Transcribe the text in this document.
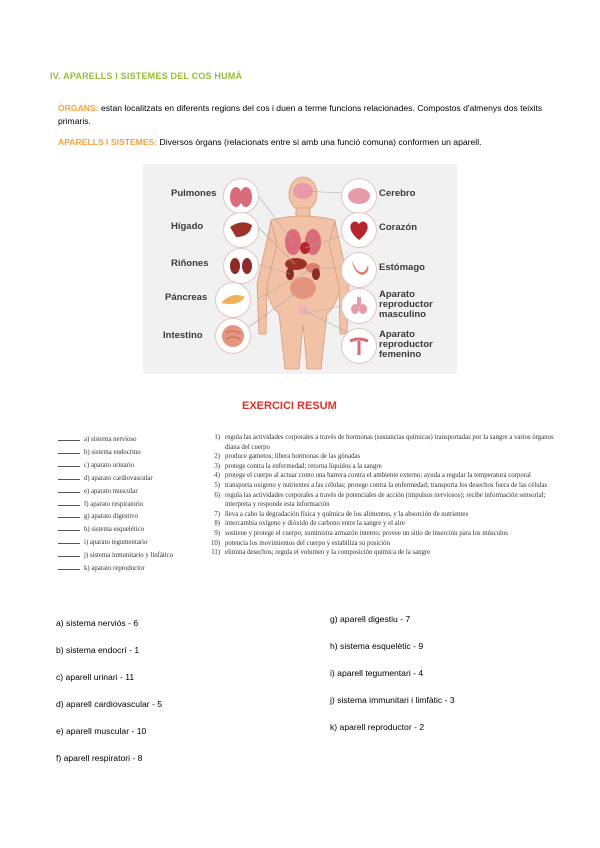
IV. APARELLS I SISTEMES DEL COS HUMÀ
ÒRGANS: estan localitzats en diferents regions del cos i duen a terme funcions relacionades. Compostos d'almenys dos teixits primaris.
APARELLS I SISTEMES: Diversos òrgans (relacionats entre si amb una funció comuna) conformen un aparell.
Pulmones
Hígado
Riñones
Páncreas
Intestino
Cerebro
Corazón
Estómago
Aparato reproductor masculino
Aparato reproductor femenino
EXERCICI RESUM
a) sistema nervioso
b) sistema endocrino
c) aparato urinario
d) aparato cardiovascular
e) aparato muscular
f) aparato respiratorio
g) aparato digestivo
h) sistema esquelético
i) aparato tegumentario
j) sistema inmunitario y linfático
k) aparato reproductor
1) regula las actividades corporales a través de hormonas (sustancias químicas) transportadas por la sangre a varios órganos diana del cuerpo
2) produce gametos; libera hormonas de las gónadas
3) protege contra la enfermedad; retorna líquidos a la sangre
4) protege el cuerpo al actuar como una barrera contra el ambiente externo; ayuda a regular la temperatura corporal
5) transporta oxígeno y nutrientes a las células; protege contra la enfermedad; transporta los desechos fuera de las células
6) regula las actividades corporales a través de potenciales de acción (impulsos nerviosos); recibe información sensorial; interpreta y responde esta información
7) lleva a cabo la degradación física y química de los alimentos, y la absorción de nutrientes
8) intercambia oxígeno y dióxido de carbono entre la sangre y el aire
9) sostiene y protege el cuerpo; suministra armazón interno; provee un sitio de inserción para los músculos
10) potencia los movimientos del cuerpo y estabiliza su posición
11) elimina desechos; regula el volumen y la composición química de la sangre
a) sistema nerviós - 6
b) sistema endocrí - 1
c) aparell urinari - 11
d) aparell cardiovascular - 5
e) aparell muscular - 10
f) aparell respiratori - 8
g) aparell digestiu - 7
h) sistema esquelètic - 9
i) aparell tegumentari - 4
j) sistema immunitari i limfàtic - 3
k) aparell reproductor - 2
